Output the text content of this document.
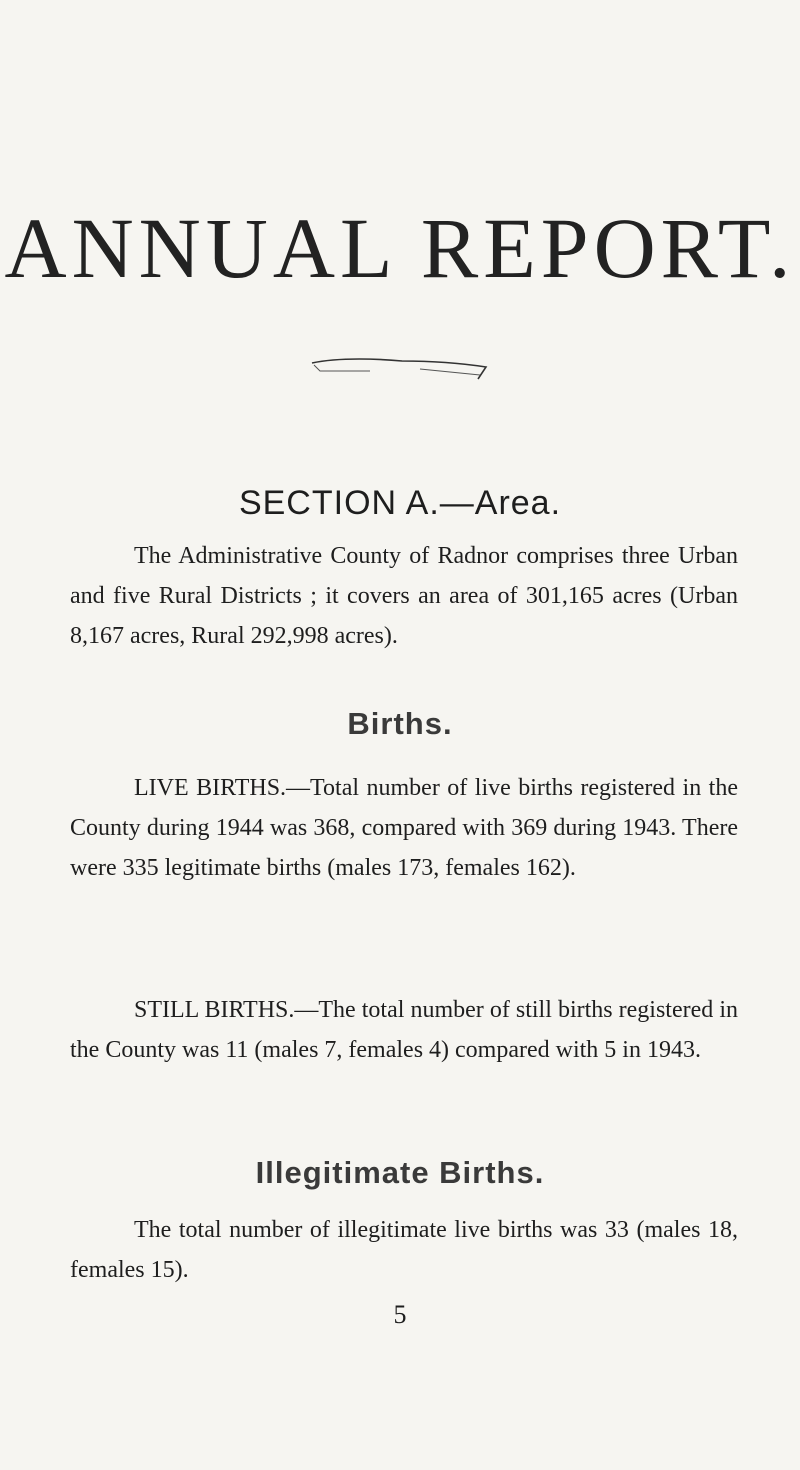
ANNUAL REPORT.
SECTION A.—Area.

The Administrative County of Radnor comprises three Urban and five Rural Districts ; it covers an area of 301,165 acres (Urban 8,167 acres, Rural 292,998 acres).

Births.

LIVE BIRTHS.—Total number of live births registered in the County during 1944 was 368, compared with 369 during 1943. There were 335 legitimate births (males 173, females 162).

STILL BIRTHS.—The total number of still births registered in the County was 11 (males 7, females 4) compared with 5 in 1943.

Illegitimate Births.

The total number of illegitimate live births was 33 (males 18, females 15).

5
